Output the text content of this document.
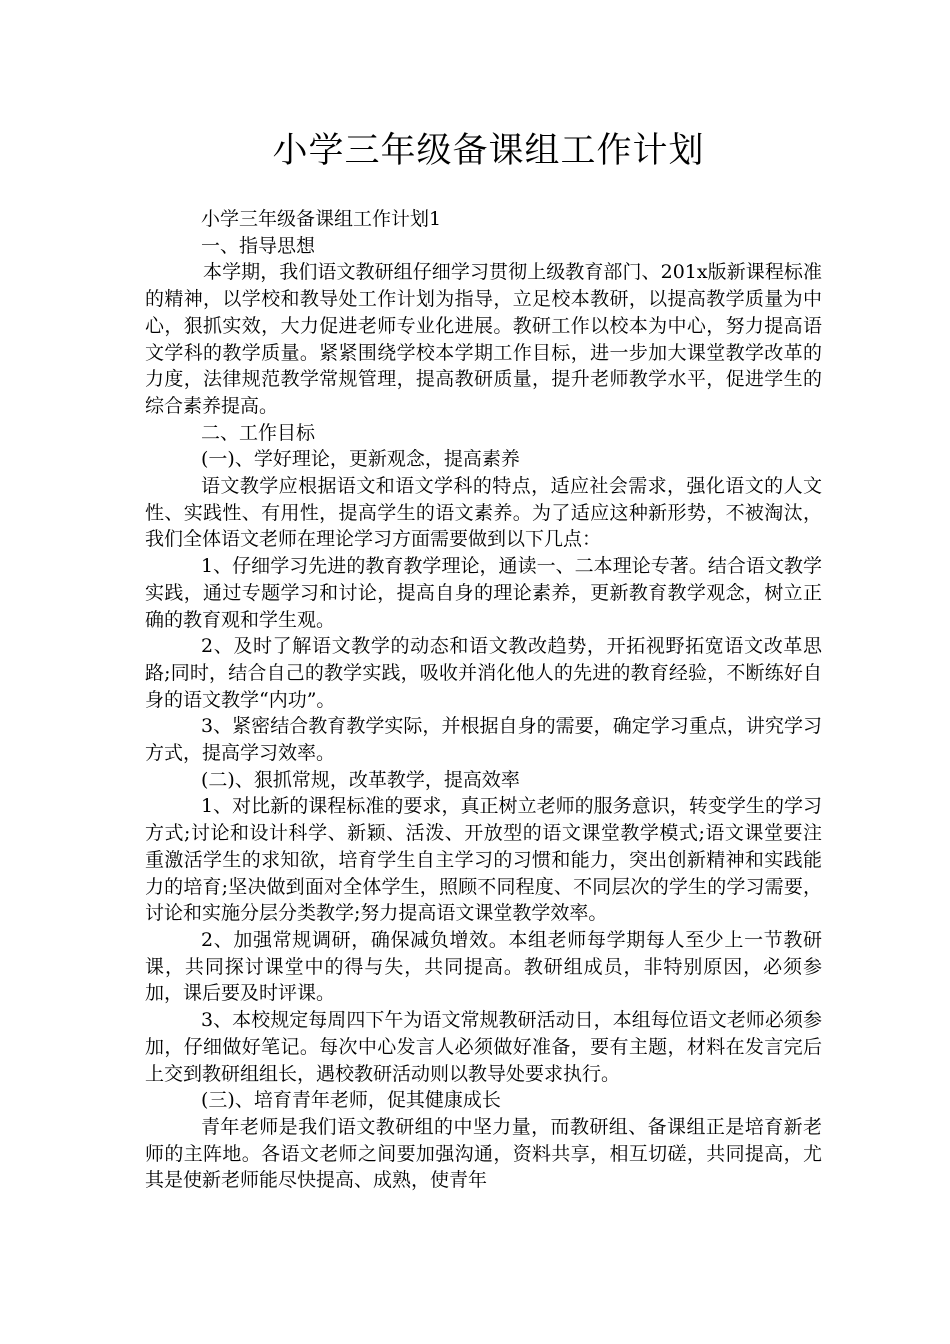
小学三年级备课组工作计划

小学三年级备课组工作计划1

一、指导思想

本学期，我们语文教研组仔细学习贯彻上级教育部门、201x版新课程标准的精神，以学校和教导处工作计划为指导，立足校本教研，以提高教学质量为中心，狠抓实效，大力促进老师专业化进展。教研工作以校本为中心，努力提高语文学科的教学质量。紧紧围绕学校本学期工作目标，进一步加大课堂教学改革的力度，法律规范教学常规管理，提高教研质量，提升老师教学水平，促进学生的综合素养提高。

二、工作目标

(一)、学好理论，更新观念，提高素养

语文教学应根据语文和语文学科的特点，适应社会需求，强化语文的人文性、实践性、有用性，提高学生的语文素养。为了适应这种新形势，不被淘汰，我们全体语文老师在理论学习方面需要做到以下几点：

1、仔细学习先进的教育教学理论，通读一、二本理论专著。结合语文教学实践，通过专题学习和讨论，提高自身的理论素养，更新教育教学观念，树立正确的教育观和学生观。

2、及时了解语文教学的动态和语文教改趋势，开拓视野拓宽语文改革思路;同时，结合自己的教学实践，吸收并消化他人的先进的教育经验，不断练好自身的语文教学“内功”。

3、紧密结合教育教学实际，并根据自身的需要，确定学习重点，讲究学习方式，提高学习效率。

(二)、狠抓常规，改革教学，提高效率

1、对比新的课程标准的要求，真正树立老师的服务意识，转变学生的学习方式;讨论和设计科学、新颖、活泼、开放型的语文课堂教学模式;语文课堂要注重激活学生的求知欲，培育学生自主学习的习惯和能力，突出创新精神和实践能力的培育;坚决做到面对全体学生，照顾不同程度、不同层次的学生的学习需要，讨论和实施分层分类教学;努力提高语文课堂教学效率。

2、加强常规调研，确保减负增效。本组老师每学期每人至少上一节教研课，共同探讨课堂中的得与失，共同提高。教研组成员，非特别原因，必须参加，课后要及时评课。

3、本校规定每周四下午为语文常规教研活动日，本组每位语文老师必须参加，仔细做好笔记。每次中心发言人必须做好准备，要有主题，材料在发言完后上交到教研组组长，遇校教研活动则以教导处要求执行。

(三)、培育青年老师，促其健康成长

青年老师是我们语文教研组的中坚力量，而教研组、备课组正是培育新老师的主阵地。各语文老师之间要加强沟通，资料共享，相互切磋，共同提高，尤其是使新老师能尽快提高、成熟，使青年
